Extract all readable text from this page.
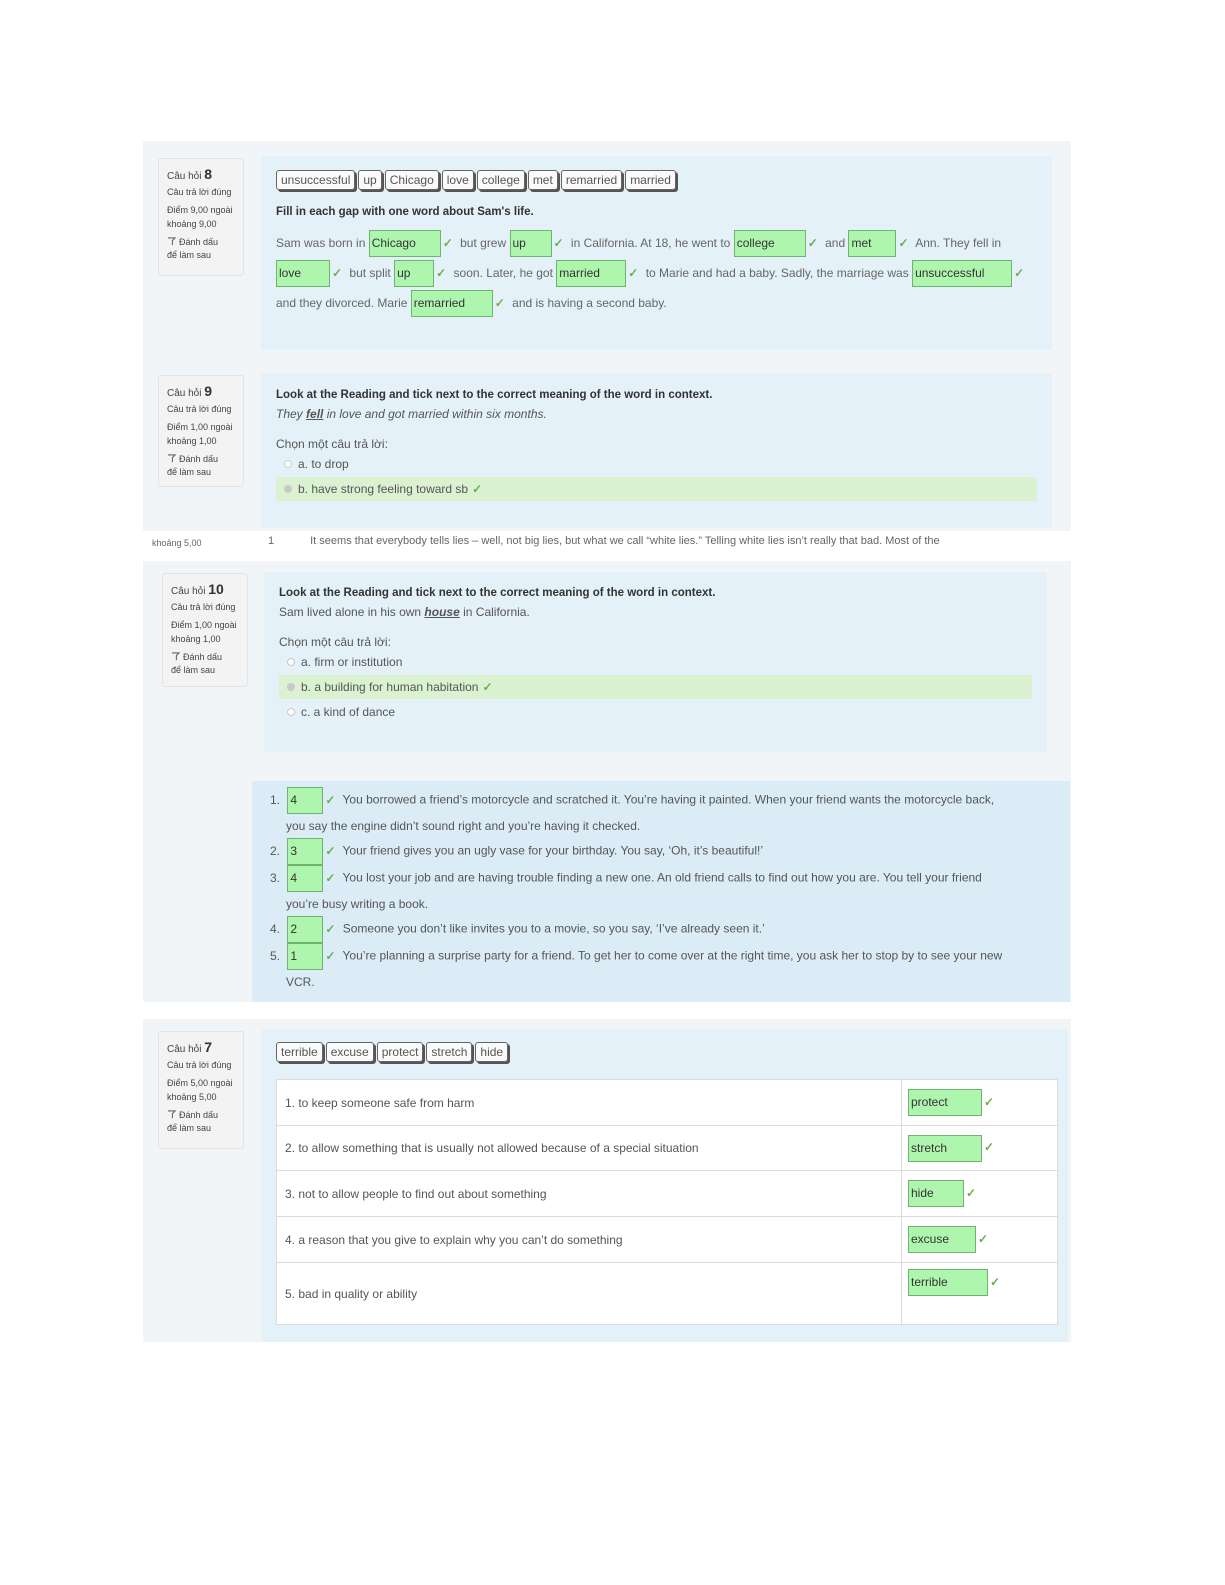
Câu hỏi 8
Câu trả lời đúng
Điểm 9,00 ngoài
khoảng 9,00
Đánh dấu
để làm sau
unsuccessful up Chicago love college met remarried married
Fill in each gap with one word about Sam's life.
Sam was born in Chicago ✓ but grew up ✓ in California. At 18, he went to college	✓ and met ✓ Ann. They fell in love	✓ but split up ✓ soon. Later, he got married ✓ to Marie and had a baby. Sadly, the marriage was unsuccessful ✓ and they divorced. Marie remarried ✓ and is having a second baby.
Câu hỏi 9
Câu trả lời đúng
Điểm 1,00 ngoài
khoảng 1,00
Đánh dấu
để làm sau
Look at the Reading and tick next to the correct meaning of the word in context.
They fell in love and got married within six months.
Chọn một câu trả lời:
a. to drop
b. have strong feeling toward sb ✓
khoảng 5,00	1	It seems that everybody tells lies – well, not big lies, but what we call “white lies.” Telling white lies isn’t really that bad. Most of the
Câu hỏi 10
Câu trả lời đúng
Điểm 1,00 ngoài
khoảng 1,00
Đánh dấu
để làm sau
Look at the Reading and tick next to the correct meaning of the word in context.
Sam lived alone in his own house in California.
Chọn một câu trả lời:
a. firm or institution
b. a building for human habitation ✓
c. a kind of dance
1. 4 ✓ You borrowed a friend’s motorcycle and scratched it. You’re having it painted. When your friend wants the motorcycle back,
you say the engine didn’t sound right and you’re having it checked.
2. 3 ✓ Your friend gives you an ugly vase for your birthday. You say, ‘Oh, it’s beautiful!’
3. 4 ✓ You lost your job and are having trouble finding a new one. An old friend calls to find out how you are. You tell your friend
you’re busy writing a book.
4. 2 ✓ Someone you don’t like invites you to a movie, so you say, ‘I’ve already seen it.’
5. 1 ✓ You’re planning a surprise party for a friend. To get her to come over at the right time, you ask her to stop by to see your new
VCR.
Câu hỏi 7
Câu trả lời đúng
Điểm 5,00 ngoài
khoảng 5,00
Đánh dấu
để làm sau
terrible excuse protect stretch hide
1. to keep someone safe from harm	protect ✓
2. to allow something that is usually not allowed because of a special situation	stretch ✓
3. not to allow people to find out about something	hide ✓
4. a reason that you give to explain why you can’t do something	excuse ✓
5. bad in quality or ability	terrible ✓
